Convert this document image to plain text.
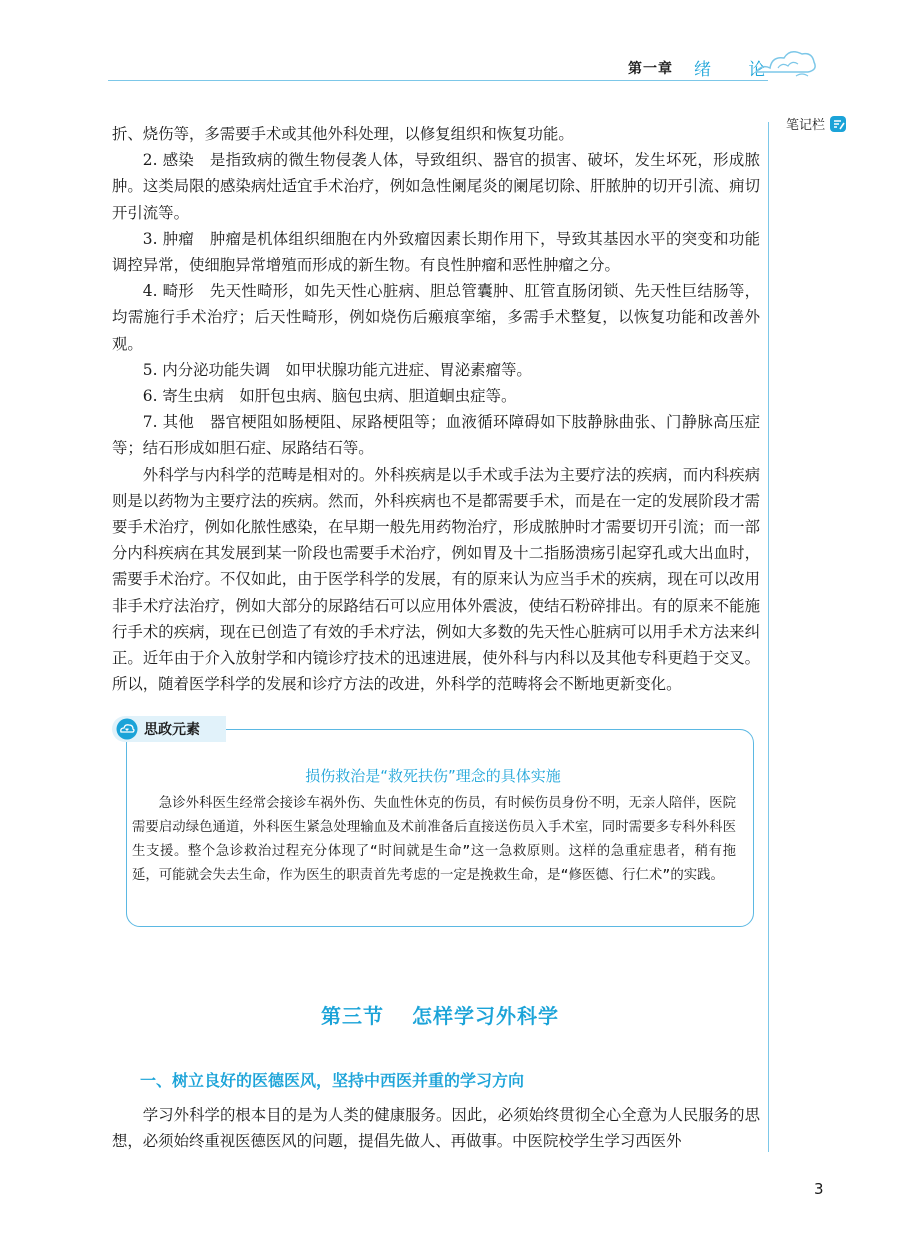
第一章 绪 论
笔记栏

折、烧伤等，多需要手术或其他外科处理，以修复组织和恢复功能。

2. 感染　是指致病的微生物侵袭人体，导致组织、器官的损害、破坏，发生坏死，形成脓肿。这类局限的感染病灶适宜手术治疗，例如急性阑尾炎的阑尾切除、肝脓肿的切开引流、痈切开引流等。

3. 肿瘤　肿瘤是机体组织细胞在内外致瘤因素长期作用下，导致其基因水平的突变和功能调控异常，使细胞异常增殖而形成的新生物。有良性肿瘤和恶性肿瘤之分。

4. 畸形　先天性畸形，如先天性心脏病、胆总管囊肿、肛管直肠闭锁、先天性巨结肠等，均需施行手术治疗；后天性畸形，例如烧伤后瘢痕挛缩，多需手术整复，以恢复功能和改善外观。

5. 内分泌功能失调　如甲状腺功能亢进症、胃泌素瘤等。

6. 寄生虫病　如肝包虫病、脑包虫病、胆道蛔虫症等。

7. 其他　器官梗阻如肠梗阻、尿路梗阻等；血液循环障碍如下肢静脉曲张、门静脉高压症等；结石形成如胆石症、尿路结石等。

外科学与内科学的范畴是相对的。外科疾病是以手术或手法为主要疗法的疾病，而内科疾病则是以药物为主要疗法的疾病。然而，外科疾病也不是都需要手术，而是在一定的发展阶段才需要手术治疗，例如化脓性感染，在早期一般先用药物治疗，形成脓肿时才需要切开引流；而一部分内科疾病在其发展到某一阶段也需要手术治疗，例如胃及十二指肠溃疡引起穿孔或大出血时，需要手术治疗。不仅如此，由于医学科学的发展，有的原来认为应当手术的疾病，现在可以改用非手术疗法治疗，例如大部分的尿路结石可以应用体外震波，使结石粉碎排出。有的原来不能施行手术的疾病，现在已创造了有效的手术疗法，例如大多数的先天性心脏病可以用手术方法来纠正。近年由于介入放射学和内镜诊疗技术的迅速进展，使外科与内科以及其他专科更趋于交叉。所以，随着医学科学的发展和诊疗方法的改进，外科学的范畴将会不断地更新变化。

思政元素
损伤救治是“救死扶伤”理念的具体实施

急诊外科医生经常会接诊车祸外伤、失血性休克的伤员，有时候伤员身份不明，无亲人陪伴，医院需要启动绿色通道，外科医生紧急处理输血及术前准备后直接送伤员入手术室，同时需要多专科外科医生支援。整个急诊救治过程充分体现了“时间就是生命”这一急救原则。这样的急重症患者，稍有拖延，可能就会失去生命，作为医生的职责首先考虑的一定是挽救生命，是“修医德、行仁术”的实践。

第三节 怎样学习外科学
一、树立良好的医德医风，坚持中西医并重的学习方向

学习外科学的根本目的是为人类的健康服务。因此，必须始终贯彻全心全意为人民服务的思想，必须始终重视医德医风的问题，提倡先做人、再做事。中医院校学生学习西医外

3
